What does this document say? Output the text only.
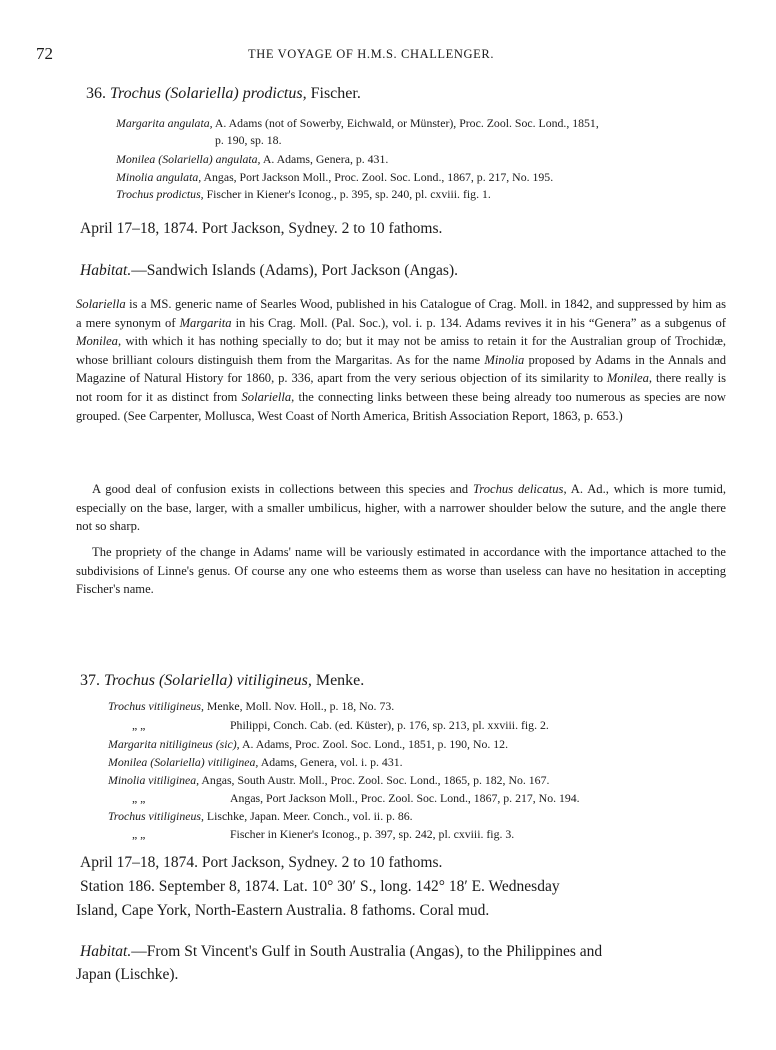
72	THE VOYAGE OF H.M.S. CHALLENGER.
36. Trochus (Solariella) prodictus, Fischer.
Margarita angulata, A. Adams (not of Sowerby, Eichwald, or Münster), Proc. Zool. Soc. Lond., 1851,
p. 190, sp. 18.
Monilea (Solariella) angulata, A. Adams, Genera, p. 431.
Minolia angulata, Angas, Port Jackson Moll., Proc. Zool. Soc. Lond., 1867, p. 217, No. 195.
Trochus prodictus, Fischer in Kiener's Iconog., p. 395, sp. 240, pl. cxviii. fig. 1.
April 17–18, 1874. Port Jackson, Sydney. 2 to 10 fathoms.
Habitat.—Sandwich Islands (Adams), Port Jackson (Angas).
Solariella is a MS. generic name of Searles Wood, published in his Catalogue of Crag. Moll. in 1842, and suppressed by him as a mere synonym of Margarita in his Crag. Moll. (Pal. Soc.), vol. i. p. 134. Adams revives it in his “Genera” as a subgenus of Monilea, with which it has nothing specially to do; but it may not be amiss to retain it for the Australian group of Trochidæ, whose brilliant colours distinguish them from the Margaritas. As for the name Minolia proposed by Adams in the Annals and Magazine of Natural History for 1860, p. 336, apart from the very serious objection of its similarity to Monilea, there really is not room for it as distinct from Solariella, the connecting links between these being already too numerous as species are now grouped. (See Carpenter, Mollusca, West Coast of North America, British Association Report, 1863, p. 653.)
A good deal of confusion exists in collections between this species and Trochus delicatus, A. Ad., which is more tumid, especially on the base, larger, with a smaller umbilicus, higher, with a narrower shoulder below the suture, and the angle there not so sharp.
The propriety of the change in Adams' name will be variously estimated in accordance with the importance attached to the subdivisions of Linne's genus. Of course any one who esteems them as worse than useless can have no hesitation in accepting Fischer's name.
37. Trochus (Solariella) vitiligineus, Menke.
Trochus vitiligineus, Menke, Moll. Nov. Holl., p. 18, No. 73.
„ „	Philippi, Conch. Cab. (ed. Küster), p. 176, sp. 213, pl. xxviii. fig. 2.
Margarita nitiligineus (sic), A. Adams, Proc. Zool. Soc. Lond., 1851, p. 190, No. 12.
Monilea (Solariella) vitiliginea, Adams, Genera, vol. i. p. 431.
Minolia vitiliginea, Angas, South Austr. Moll., Proc. Zool. Soc. Lond., 1865, p. 182, No. 167.
„ „	Angas, Port Jackson Moll., Proc. Zool. Soc. Lond., 1867, p. 217, No. 194.
Trochus vitiligineus, Lischke, Japan. Meer. Conch., vol. ii. p. 86.
„ „	Fischer in Kiener's Iconog., p. 397, sp. 242, pl. cxviii. fig. 3.
April 17–18, 1874. Port Jackson, Sydney. 2 to 10 fathoms.
Station 186. September 8, 1874. Lat. 10° 30′ S., long. 142° 18′ E. Wednesday
Island, Cape York, North-Eastern Australia. 8 fathoms. Coral mud.
Habitat.—From St Vincent's Gulf in South Australia (Angas), to the Philippines and
Japan (Lischke).
